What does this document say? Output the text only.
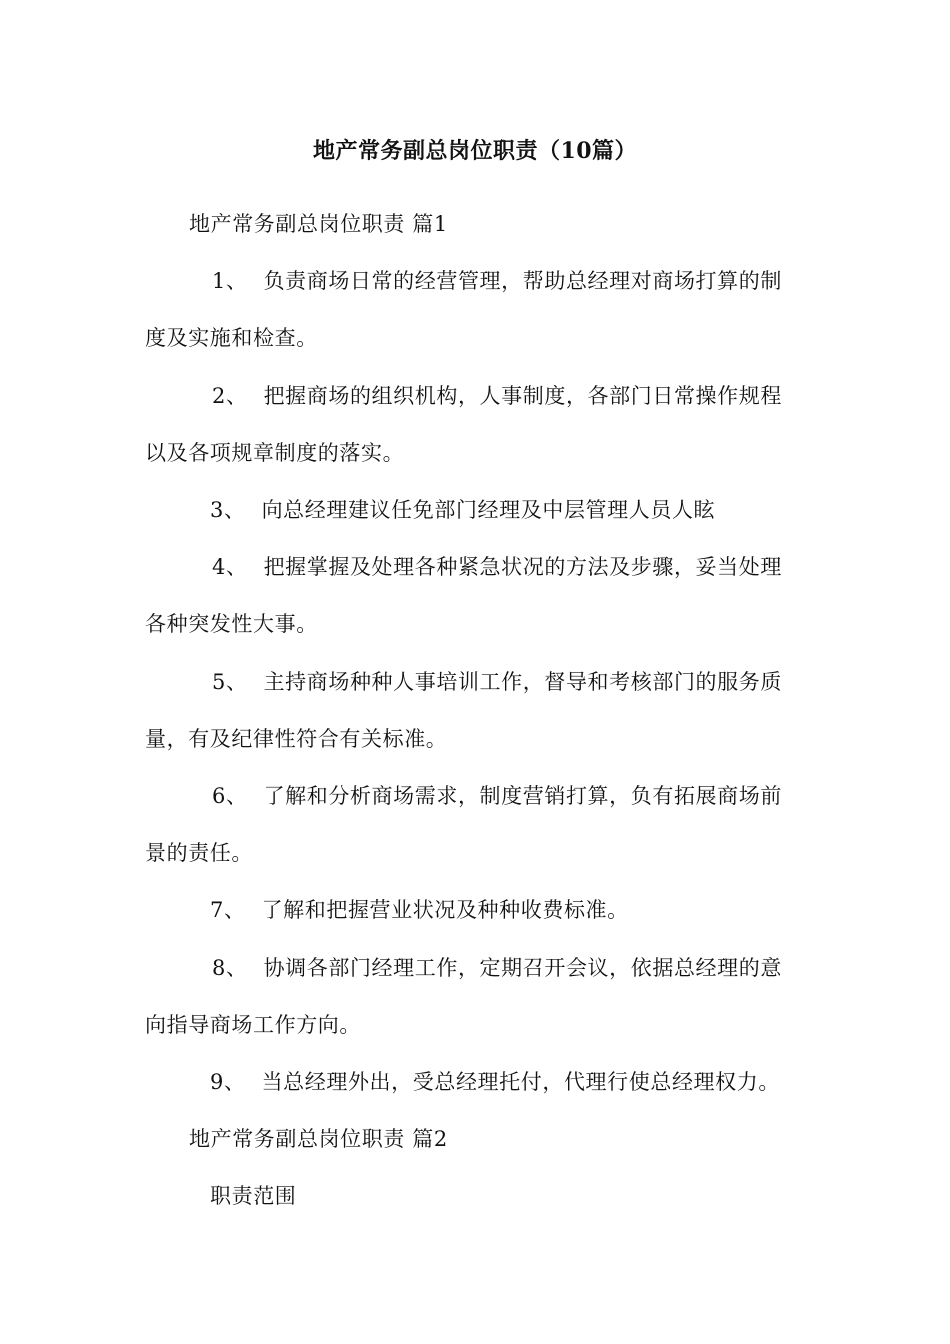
地产常务副总岗位职责（10篇）
地产常务副总岗位职责 篇1
1、 负责商场日常的经营管理，帮助总经理对商场打算的制
度及实施和检查。
2、 把握商场的组织机构，人事制度，各部门日常操作规程
以及各项规章制度的落实。
3、 向总经理建议任免部门经理及中层管理人员人眩
4、 把握掌握及处理各种紧急状况的方法及步骤，妥当处理
各种突发性大事。
5、 主持商场种种人事培训工作，督导和考核部门的服务质
量，有及纪律性符合有关标准。
6、 了解和分析商场需求，制度营销打算，负有拓展商场前
景的责任。
7、 了解和把握营业状况及种种收费标准。
8、 协调各部门经理工作，定期召开会议，依据总经理的意
向指导商场工作方向。
9、 当总经理外出，受总经理托付，代理行使总经理权力。
地产常务副总岗位职责 篇2
职责范围
